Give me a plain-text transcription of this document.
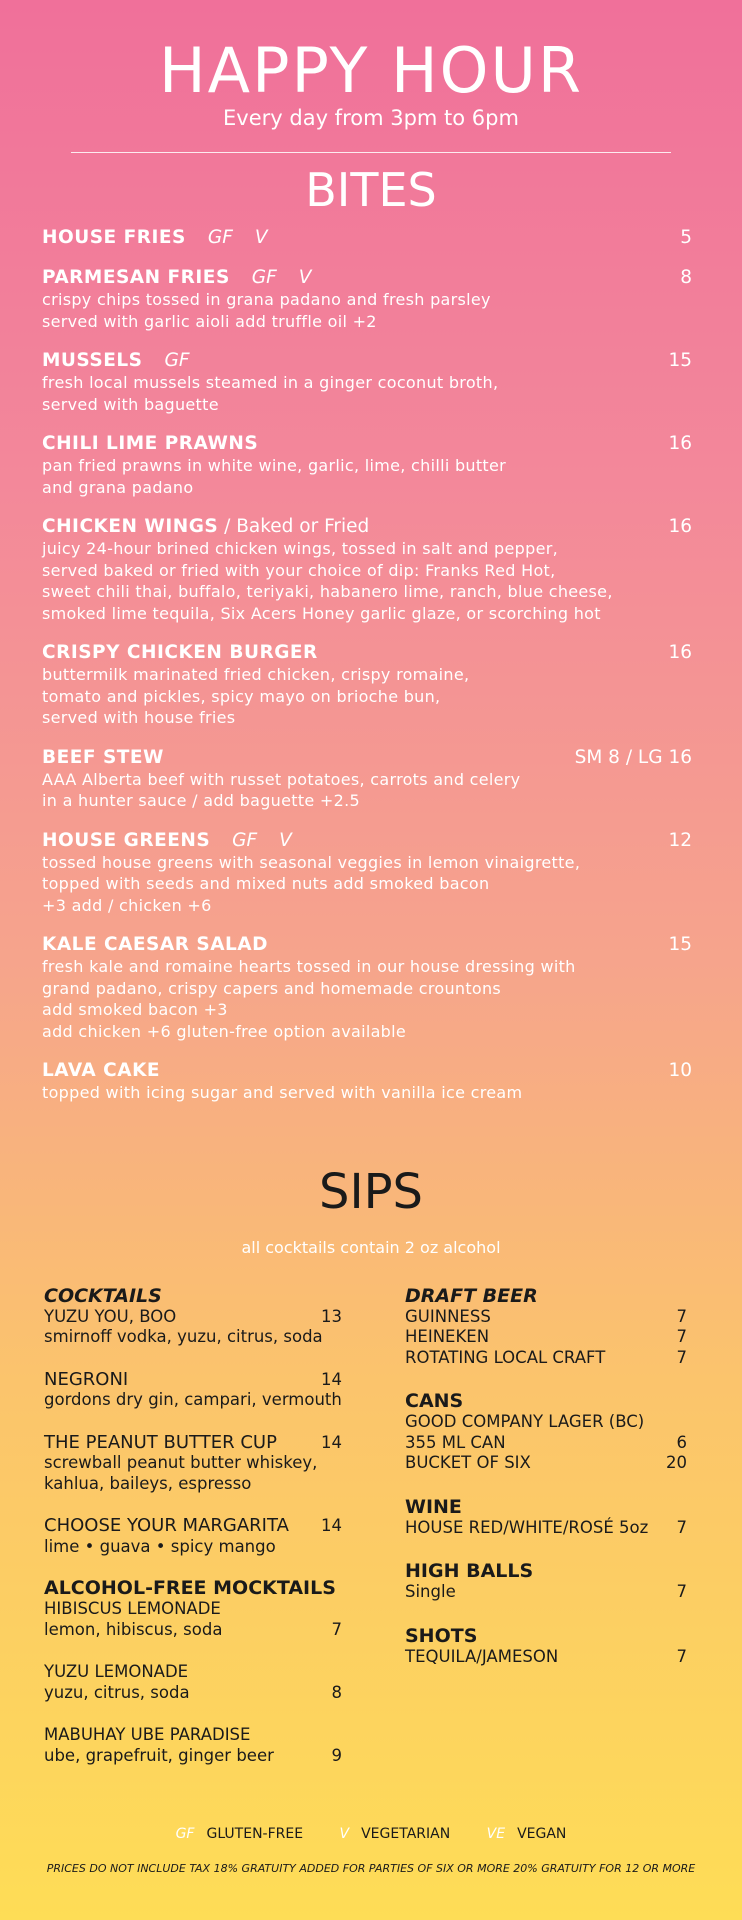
HAPPY HOUR
Every day from 3pm to 6pm
BITES
HOUSE FRIES GF V	5
PARMESAN FRIES GF V	8
crispy chips tossed in grana padano and fresh parsley
served with garlic aioli add truffle oil +2
MUSSELS GF	15
fresh local mussels steamed in a ginger coconut broth,
served with baguette
CHILI LIME PRAWNS	16
pan fried prawns in white wine, garlic, lime, chilli butter
and grana padano
CHICKEN WINGS / Baked or Fried	16
juicy 24-hour brined chicken wings, tossed in salt and pepper,
served baked or fried with your choice of dip: Franks Red Hot,
sweet chili thai, buffalo, teriyaki, habanero lime, ranch, blue cheese,
smoked lime tequila, Six Acers Honey garlic glaze, or scorching hot
CRISPY CHICKEN BURGER	16
buttermilk marinated fried chicken, crispy romaine,
tomato and pickles, spicy mayo on brioche bun,
served with house fries
BEEF STEW	SM 8 / LG 16
AAA Alberta beef with russet potatoes, carrots and celery
in a hunter sauce / add baguette +2.5
HOUSE GREENS GF V	12
tossed house greens with seasonal veggies in lemon vinaigrette,
topped with seeds and mixed nuts add smoked bacon
+3 add / chicken +6
KALE CAESAR SALAD	15
fresh kale and romaine hearts tossed in our house dressing with
grand padano, crispy capers and homemade crountons
add smoked bacon +3
add chicken +6 gluten-free option available
LAVA CAKE	10
topped with icing sugar and served with vanilla ice cream
SIPS
all cocktails contain 2 oz alcohol
COCKTAILS
YUZU YOU, BOO	13
smirnoff vodka, yuzu, citrus, soda
NEGRONI	14
gordons dry gin, campari, vermouth
THE PEANUT BUTTER CUP	14
screwball peanut butter whiskey,
kahlua, baileys, espresso
CHOOSE YOUR MARGARITA 14
lime • guava • spicy mango
ALCOHOL-FREE MOCKTAILS
HIBISCUS LEMONADE
lemon, hibiscus, soda	7
YUZU LEMONADE
yuzu, citrus, soda	8
MABUHAY UBE PARADISE
ube, grapefruit, ginger beer	9
DRAFT BEER
GUINNESS	7
HEINEKEN	7
ROTATING LOCAL CRAFT	7
CANS
GOOD COMPANY LAGER (BC)
355 ML CAN	6
BUCKET OF SIX	20
WINE
HOUSE RED/WHITE/ROSÉ 5oz 7
HIGH BALLS
Single	7
SHOTS
TEQUILA/JAMESON	7
GF GLUTEN-FREE	V VEGETARIAN	VE VEGAN
PRICES DO NOT INCLUDE TAX 18% GRATUITY ADDED FOR PARTIES OF SIX OR MORE 20% GRATUITY FOR 12 OR MORE
